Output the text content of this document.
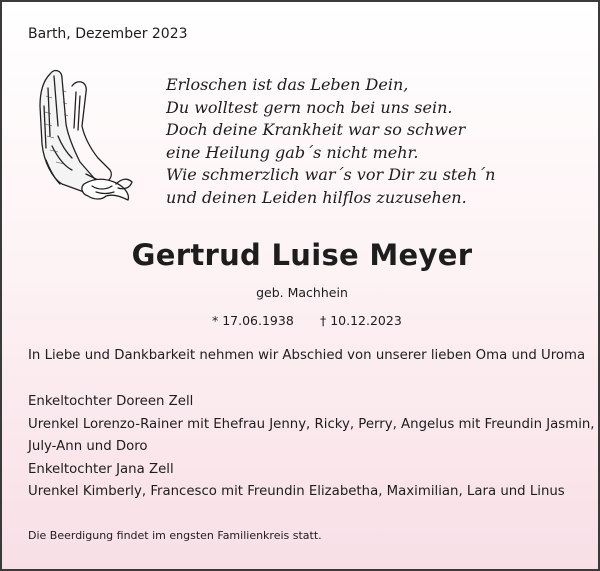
Barth, Dezember 2023
Erloschen ist das Leben Dein,
Du wolltest gern noch bei uns sein.
Doch deine Krankheit war so schwer
eine Heilung gab´s nicht mehr.
Wie schmerzlich war´s vor Dir zu steh´n
und deinen Leiden hilflos zuzusehen.
Gertrud Luise Meyer
geb. Machhein
* 17.06.1938 † 10.12.2023
In Liebe und Dankbarkeit nehmen wir Abschied von unserer lieben Oma und Uroma
Enkeltochter Doreen Zell
Urenkel Lorenzo-Rainer mit Ehefrau Jenny, Ricky, Perry, Angelus mit Freundin Jasmin,
July-Ann und Doro
Enkeltochter Jana Zell
Urenkel Kimberly, Francesco mit Freundin Elizabetha, Maximilian, Lara und Linus
Die Beerdigung findet im engsten Familienkreis statt.
